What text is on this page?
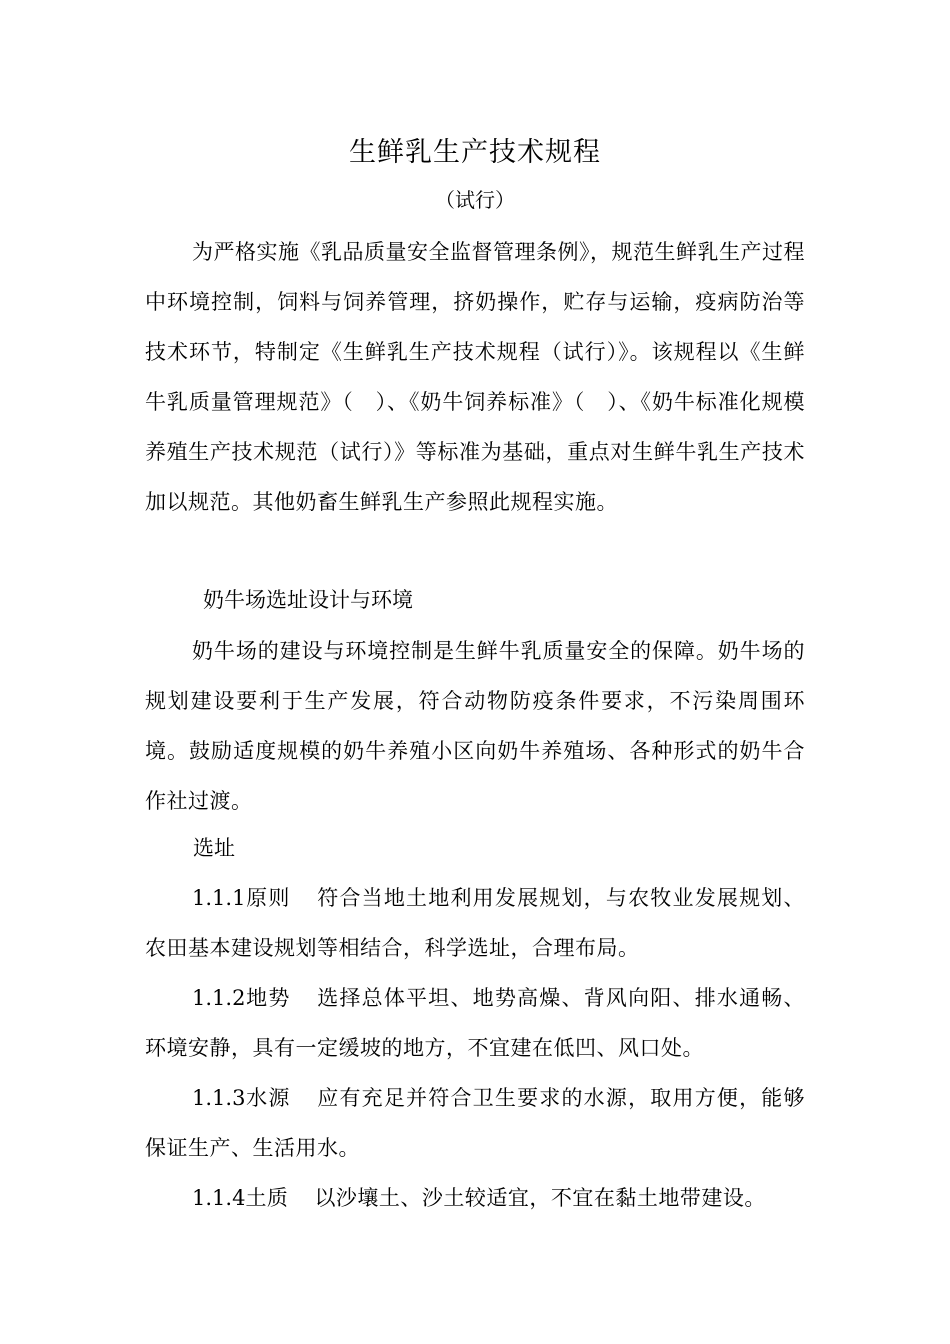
生鲜乳生产技术规程
（试行）

为严格实施《乳品质量安全监督管理条例》，规范生鲜乳生产过程中环境控制，饲料与饲养管理，挤奶操作，贮存与运输，疫病防治等技术环节，特制定《生鲜乳生产技术规程（试行）》。该规程以《生鲜牛乳质量管理规范》（　）、《奶牛饲养标准》（　）、《奶牛标准化规模养殖生产技术规范（试行）》等标准为基础，重点对生鲜牛乳生产技术加以规范。其他奶畜生鲜乳生产参照此规程实施。

奶牛场选址设计与环境

奶牛场的建设与环境控制是生鲜牛乳质量安全的保障。奶牛场的规划建设要利于生产发展，符合动物防疫条件要求，不污染周围环境。鼓励适度规模的奶牛养殖小区向奶牛养殖场、各种形式的奶牛合作社过渡。

选址

1.1.1原则 符合当地土地利用发展规划，与农牧业发展规划、农田基本建设规划等相结合，科学选址，合理布局。

1.1.2地势 选择总体平坦、地势高燥、背风向阳、排水通畅、环境安静，具有一定缓坡的地方，不宜建在低凹、风口处。

1.1.3水源 应有充足并符合卫生要求的水源，取用方便，能够保证生产、生活用水。

1.1.4土质 以沙壤土、沙土较适宜，不宜在黏土地带建设。
